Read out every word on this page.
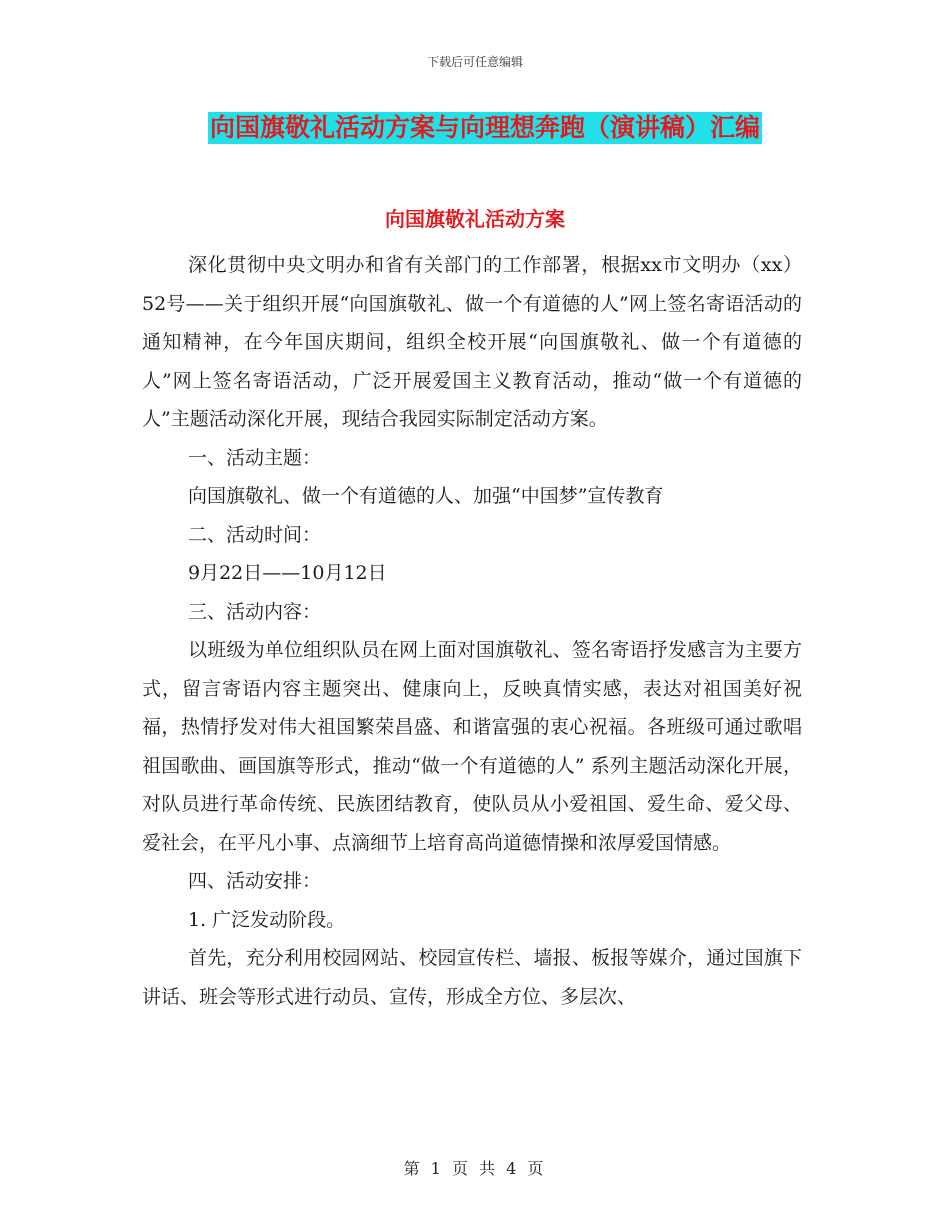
下载后可任意编辑
向国旗敬礼活动方案与向理想奔跑（演讲稿）汇编
向国旗敬礼活动方案

深化贯彻中央文明办和省有关部门的工作部署，根据xx市文明办（xx）52号——关于组织开展“向国旗敬礼、做一个有道德的人”网上签名寄语活动的通知精神，在今年国庆期间，组织全校开展“向国旗敬礼、做一个有道德的人”网上签名寄语活动，广泛开展爱国主义教育活动，推动“做一个有道德的人”主题活动深化开展，现结合我园实际制定活动方案。

一、活动主题：

向国旗敬礼、做一个有道德的人、加强“中国梦”宣传教育

二、活动时间：

9月22日——10月12日

三、活动内容：

以班级为单位组织队员在网上面对国旗敬礼、签名寄语抒发感言为主要方式，留言寄语内容主题突出、健康向上，反映真情实感，表达对祖国美好祝福，热情抒发对伟大祖国繁荣昌盛、和谐富强的衷心祝福。各班级可通过歌唱祖国歌曲、画国旗等形式，推动“做一个有道德的人” 系列主题活动深化开展，对队员进行革命传统、民族团结教育，使队员从小爱祖国、爱生命、爱父母、爱社会，在平凡小事、点滴细节上培育高尚道德情操和浓厚爱国情感。

四、活动安排：

1. 广泛发动阶段。

首先，充分利用校园网站、校园宣传栏、墙报、板报等媒介，通过国旗下讲话、班会等形式进行动员、宣传，形成全方位、多层次、

第 1 页 共 4 页
